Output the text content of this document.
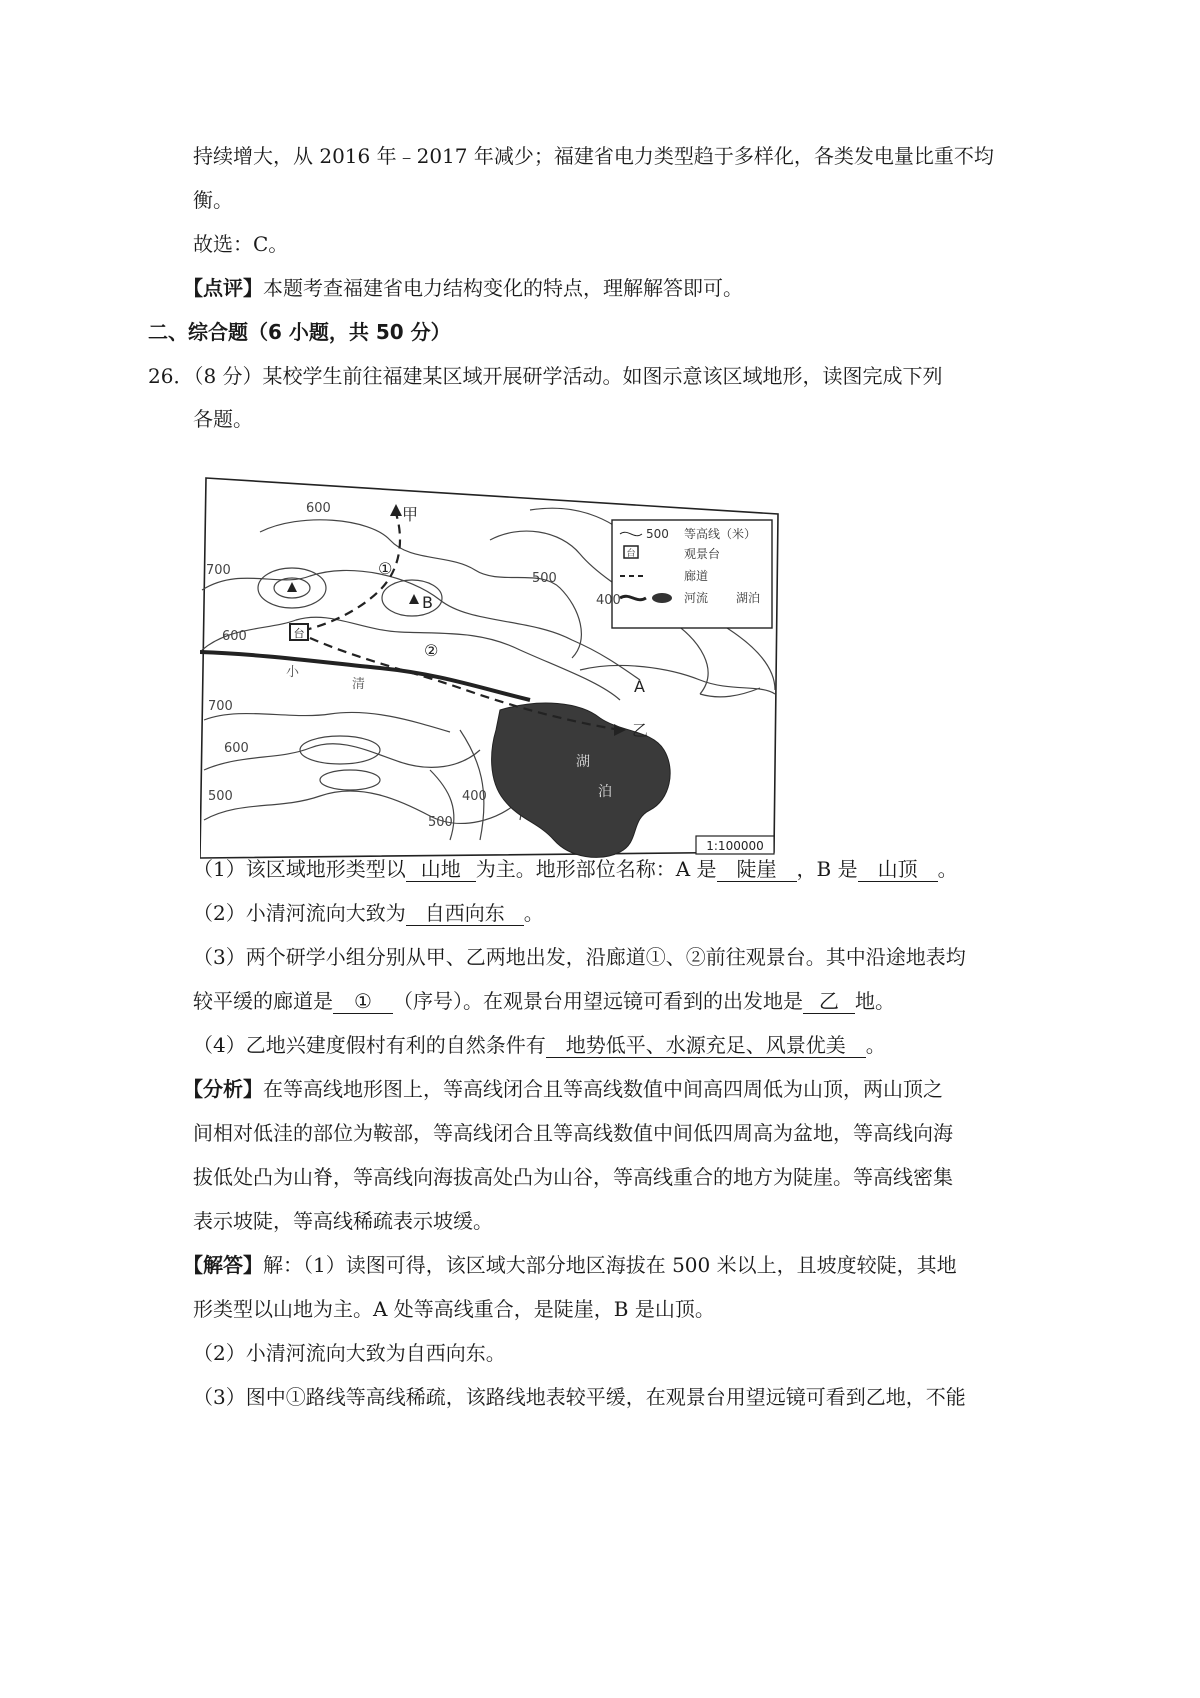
持续增大，从 2016 年﹣2017 年减少；福建省电力类型趋于多样化，各类发电量比重不均
衡。
故选：C。
【点评】本题考查福建省电力结构变化的特点，理解解答即可。
二、综合题（6 小题，共 50 分）
26．（8 分）某校学生前往福建某区域开展研学活动。如图示意该区域地形，读图完成下列
各题。
台
500 等高线（米）
台	观景台
廊道
河流 湖泊
600
700
600
500
400
700
600
500
500
400
甲
乙
A
B
①
②
小
清
湖
泊
1:100000
（1）该区域地形类型以 山地 为主。地形部位名称：A 是 陡崖 ，B 是 山顶 。
（2）小清河流向大致为 自西向东 。
（3）两个研学小组分别从甲、乙两地出发，沿廊道①、②前往观景台。其中沿途地表均
较平缓的廊道是 ① （序号）。在观景台用望远镜可看到的出发地是 乙 地。
（4）乙地兴建度假村有利的自然条件有 地势低平、水源充足、风景优美 。
【分析】在等高线地形图上，等高线闭合且等高线数值中间高四周低为山顶，两山顶之
间相对低洼的部位为鞍部，等高线闭合且等高线数值中间低四周高为盆地，等高线向海
拔低处凸为山脊，等高线向海拔高处凸为山谷，等高线重合的地方为陡崖。等高线密集
表示坡陡，等高线稀疏表示坡缓。
【解答】解：（1）读图可得，该区域大部分地区海拔在 500 米以上，且坡度较陡，其地
形类型以山地为主。A 处等高线重合，是陡崖，B 是山顶。
（2）小清河流向大致为自西向东。
（3）图中①路线等高线稀疏，该路线地表较平缓，在观景台用望远镜可看到乙地，不能
